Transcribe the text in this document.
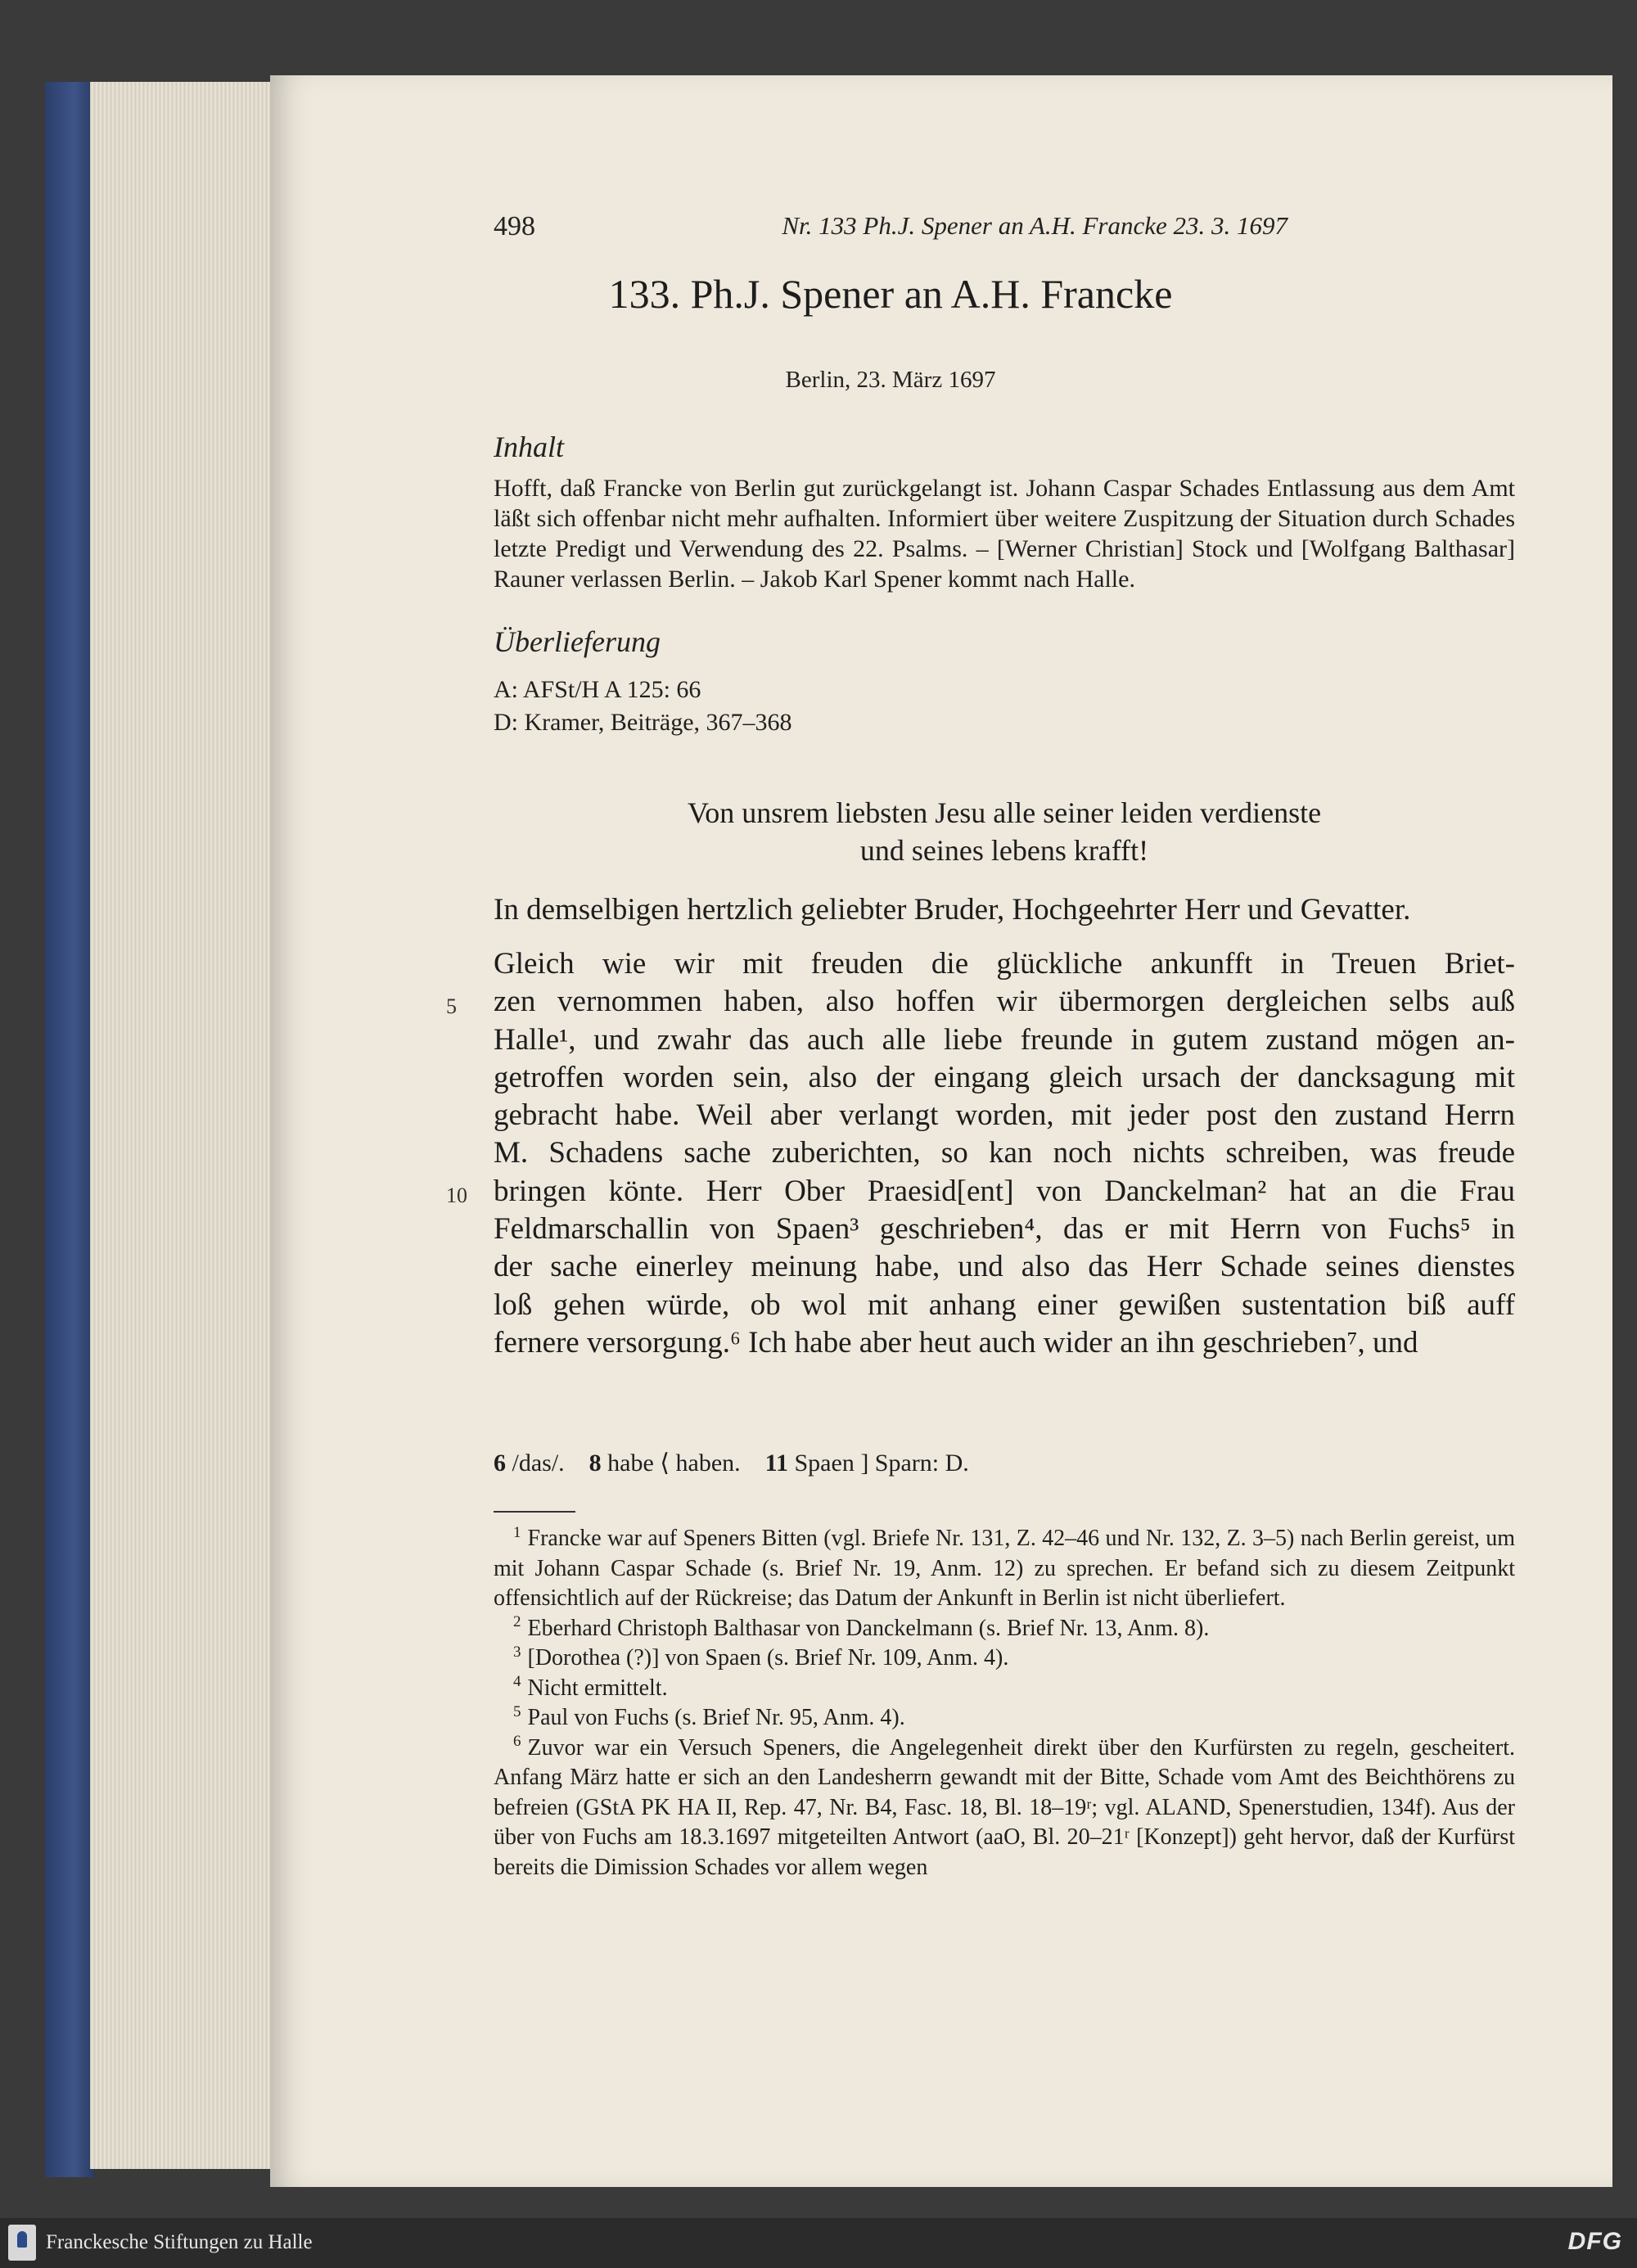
498	Nr. 133 Ph.J. Spener an A.H. Francke 23. 3. 1697
133. Ph.J. Spener an A.H. Francke
Berlin, 23. März 1697
Inhalt
Hofft, daß Francke von Berlin gut zurückgelangt ist. Johann Caspar Schades Entlassung aus dem Amt läßt sich offenbar nicht mehr aufhalten. Informiert über weitere Zuspitzung der Situation durch Schades letzte Predigt und Verwendung des 22. Psalms. – [Werner Christian] Stock und [Wolfgang Balthasar] Rauner verlassen Berlin. – Jakob Karl Spener kommt nach Halle.
Überlieferung
A: AFSt/H A 125: 66
D: Kramer, Beiträge, 367–368
Von unsrem liebsten Jesu alle seiner leiden verdienste
und seines lebens krafft!
In demselbigen hertzlich geliebter Bruder, Hochgeehrter Herr und Gevatter.
Gleich wie wir mit freuden die glückliche ankunfft in Treuen Briet-
zen vernommen haben, also hoffen wir übermorgen dergleichen selbs auß
Halle¹, und zwahr das auch alle liebe freunde in gutem zustand mögen an-
getroffen worden sein, also der eingang gleich ursach der dancksagung mit
gebracht habe. Weil aber verlangt worden, mit jeder post den zustand Herrn
M. Schadens sache zuberichten, so kan noch nichts schreiben, was freude
bringen könte. Herr Ober Praesid[ent] von Danckelman² hat an die Frau
Feldmarschallin von Spaen³ geschrieben⁴, das er mit Herrn von Fuchs⁵ in
der sache einerley meinung habe, und also das Herr Schade seines dienstes
loß gehen würde, ob wol mit anhang einer gewißen sustentation biß auff
fernere versorgung.⁶ Ich habe aber heut auch wider an ihn geschrieben⁷, und
5
10
6 /das/. 8 habe ⟨ haben. 11 Spaen ] Sparn: D.

$^1$ Francke war auf Speners Bitten (vgl. Briefe Nr. 131, Z. 42–46 und Nr. 132, Z. 3–5) nach Berlin gereist, um mit Johann Caspar Schade (s. Brief Nr. 19, Anm. 12) zu sprechen. Er befand sich zu diesem Zeitpunkt offensichtlich auf der Rückreise; das Datum der Ankunft in Berlin ist nicht überliefert.

$^2$ Eberhard Christoph Balthasar von Danckelmann (s. Brief Nr. 13, Anm. 8).

$^3$ [Dorothea (?)] von Spaen (s. Brief Nr. 109, Anm. 4).

$^4$ Nicht ermittelt.

$^5$ Paul von Fuchs (s. Brief Nr. 95, Anm. 4).

$^6$ Zuvor war ein Versuch Speners, die Angelegenheit direkt über den Kurfürsten zu regeln, gescheitert. Anfang März hatte er sich an den Landesherrn gewandt mit der Bitte, Schade vom Amt des Beichthörens zu befreien (GStA PK HA II, Rep. 47, Nr. B4, Fasc. 18, Bl. 18–19ʳ; vgl. ALAND, Spenerstudien, 134f). Aus der über von Fuchs am 18.3.1697 mitgeteilten Antwort (aaO, Bl. 20–21ʳ [Konzept]) geht hervor, daß der Kurfürst bereits die Dimission Schades vor allem wegen

Franckesche Stiftungen zu Halle	DFG
